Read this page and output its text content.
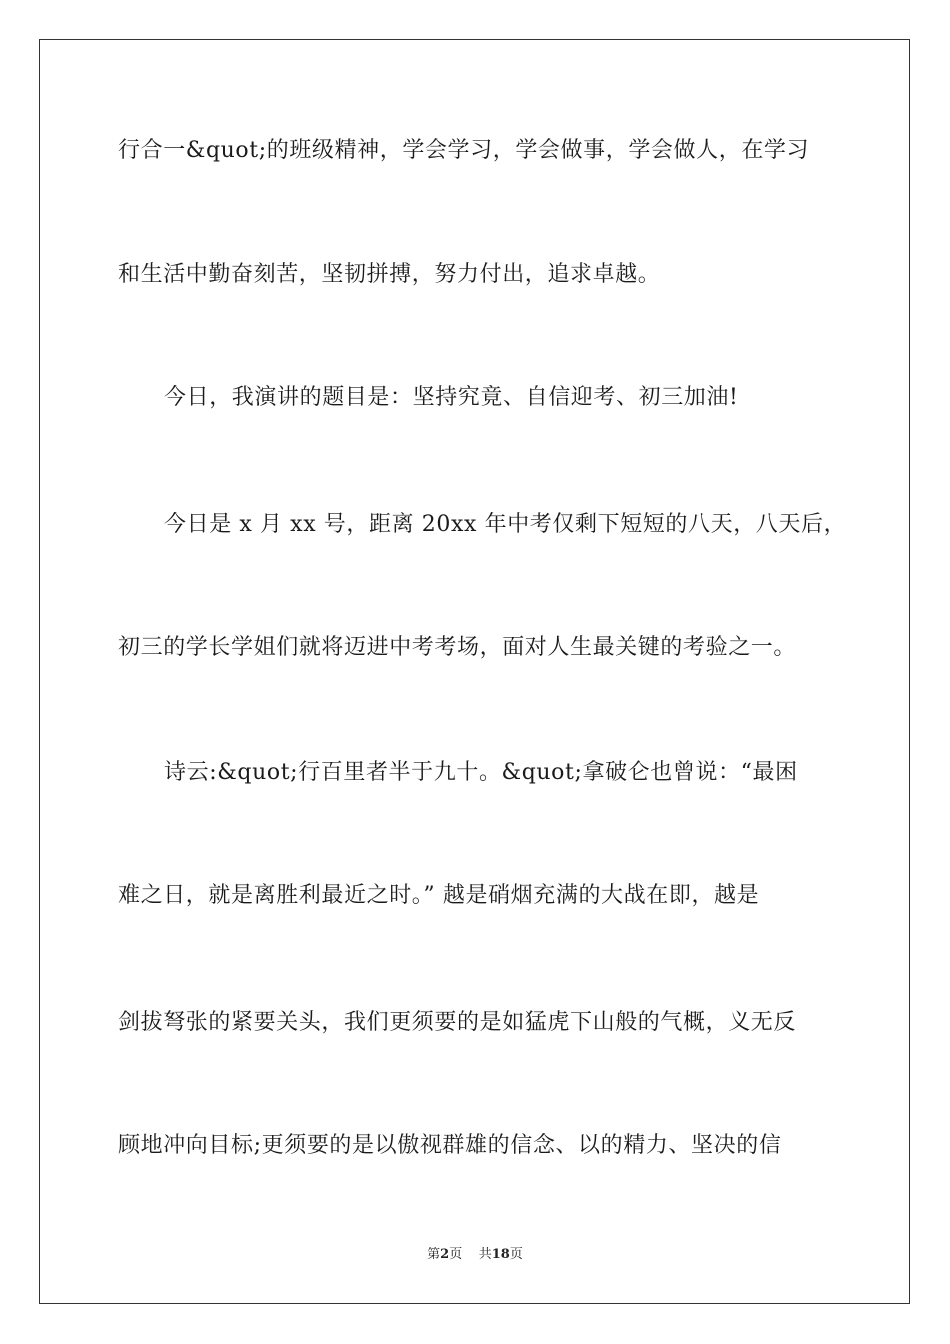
行合一&quot;的班级精神，学会学习，学会做事，学会做人，在学习
和生活中勤奋刻苦，坚韧拼搏，努力付出，追求卓越。
今日，我演讲的题目是：坚持究竟、自信迎考、初三加油!
今日是 x 月 xx 号，距离 20xx 年中考仅剩下短短的八天，八天后，
初三的学长学姐们就将迈进中考考场，面对人生最关键的考验之一。
诗云:&quot;行百里者半于九十。&quot;拿破仑也曾说：“最困
难之日，就是离胜利最近之时。” 越是硝烟充满的大战在即，越是
剑拔弩张的紧要关头，我们更须要的是如猛虎下山般的气概，义无反
顾地冲向目标;更须要的是以傲视群雄的信念、以的精力、坚决的信
第2页 共18页
